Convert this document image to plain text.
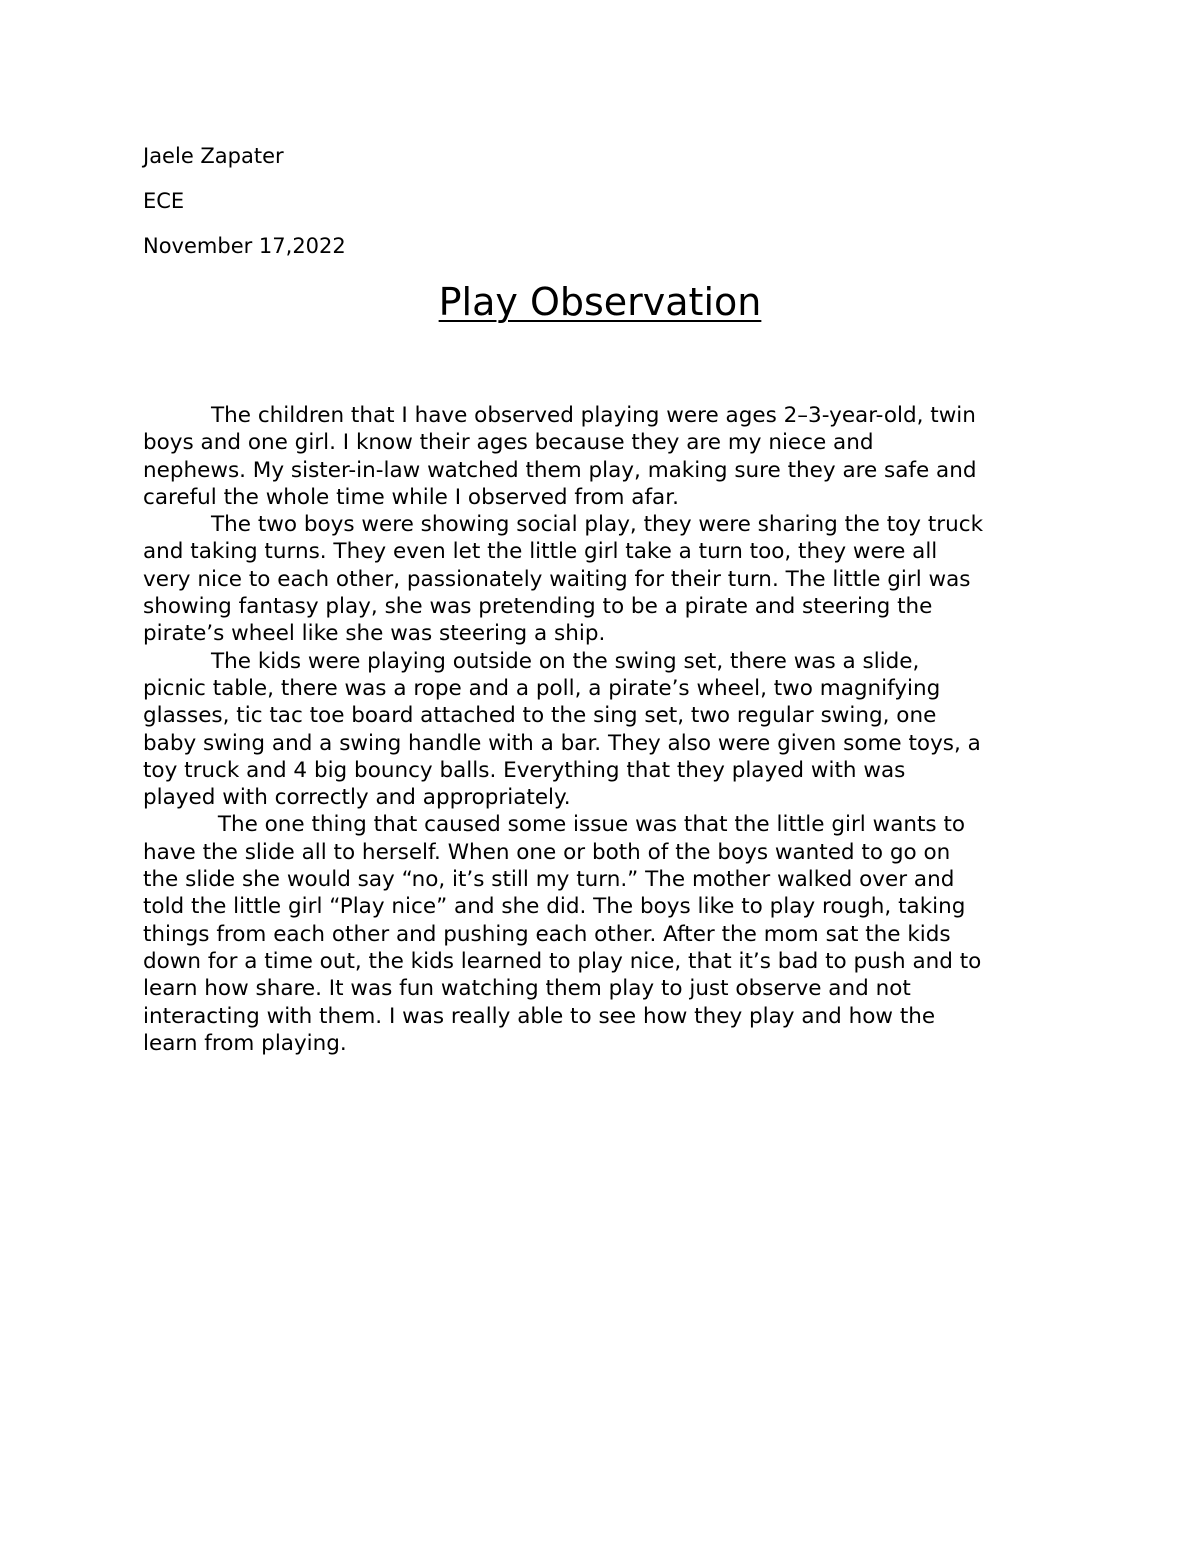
Jaele Zapater
ECE
November 17,2022
Play Observation

The children that I have observed playing were ages 2–3-year-old, twin
boys and one girl. I know their ages because they are my niece and
nephews. My sister-in-law watched them play, making sure they are safe and
careful the whole time while I observed from afar.

The two boys were showing social play, they were sharing the toy truck
and taking turns. They even let the little girl take a turn too, they were all
very nice to each other, passionately waiting for their turn. The little girl was
showing fantasy play, she was pretending to be a pirate and steering the
pirate’s wheel like she was steering a ship.

The kids were playing outside on the swing set, there was a slide,
picnic table, there was a rope and a poll, a pirate’s wheel, two magnifying
glasses, tic tac toe board attached to the sing set, two regular swing, one
baby swing and a swing handle with a bar. They also were given some toys, a
toy truck and 4 big bouncy balls. Everything that they played with was
played with correctly and appropriately.

The one thing that caused some issue was that the little girl wants to
have the slide all to herself. When one or both of the boys wanted to go on
the slide she would say “no, it’s still my turn.” The mother walked over and
told the little girl “Play nice” and she did. The boys like to play rough, taking
things from each other and pushing each other. After the mom sat the kids
down for a time out, the kids learned to play nice, that it’s bad to push and to
learn how share. It was fun watching them play to just observe and not
interacting with them. I was really able to see how they play and how the
learn from playing.
